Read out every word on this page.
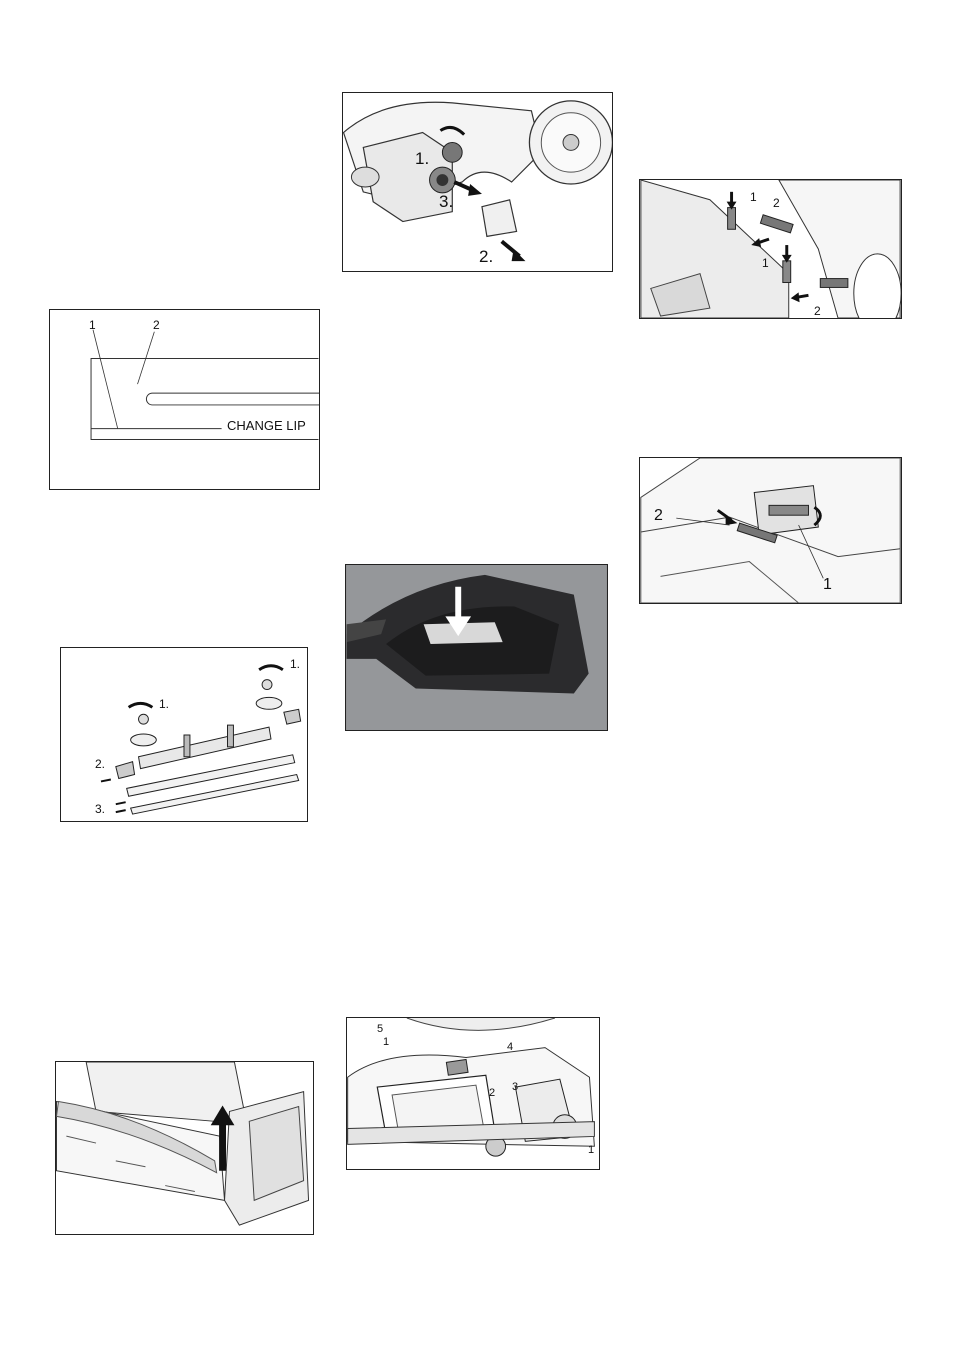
1.
3.
2.
1 2
1
2
1	2
CHANGE LIP
2
1
1.
1.
2.
3.
5
1	4
3
2
1
